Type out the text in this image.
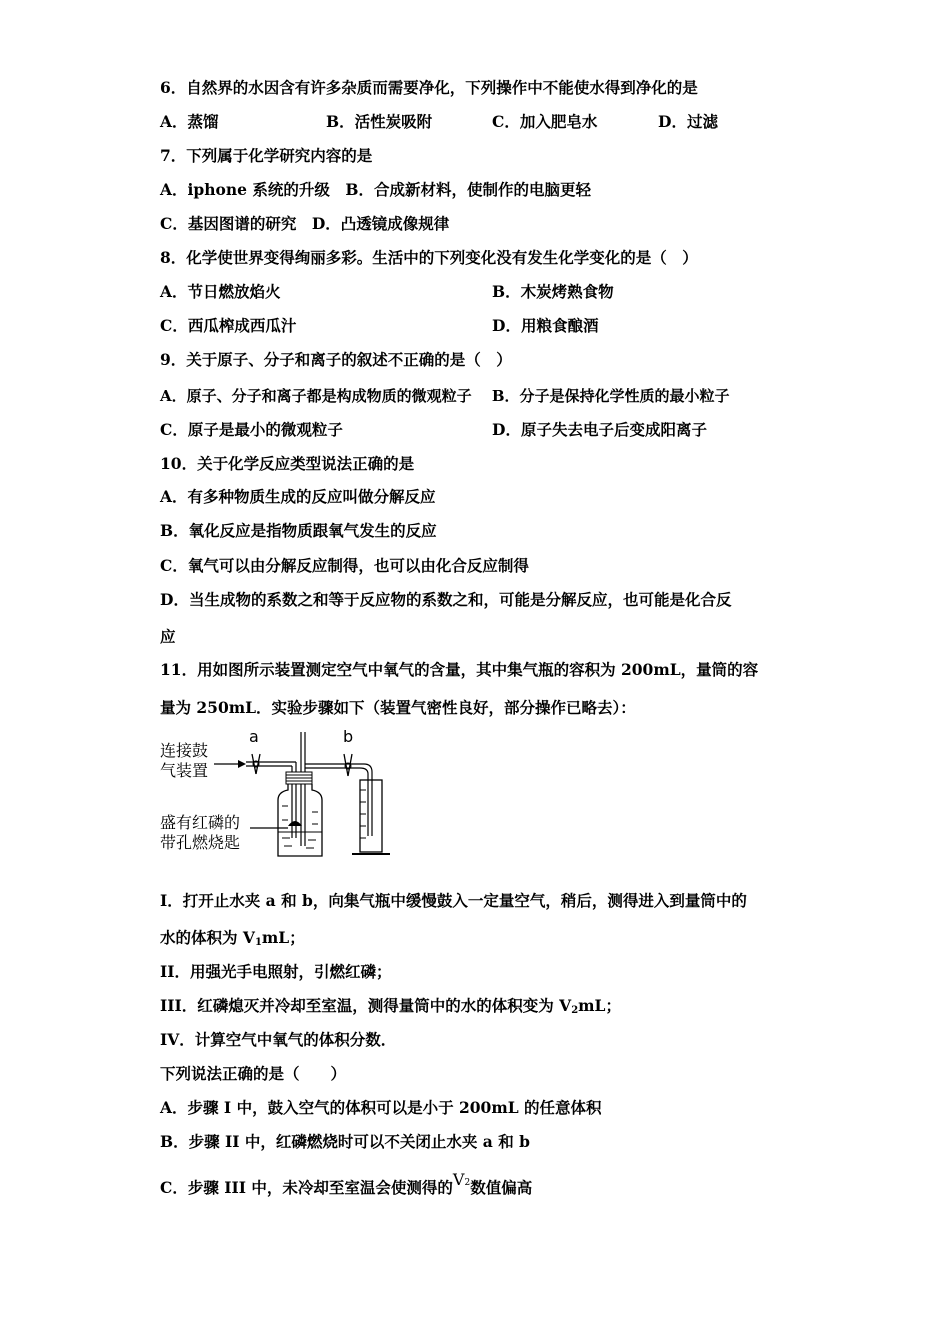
6．自然界的水因含有许多杂质而需要净化，下列操作中不能使水得到净化的是
A．蒸馏	B．活性炭吸附	C．加入肥皂水	D．过滤
7．下列属于化学研究内容的是
A．iphone 系统的升级　B．合成新材料，使制作的电脑更轻
C．基因图谱的研究　D．凸透镜成像规律
8．化学使世界变得绚丽多彩。生活中的下列变化没有发生化学变化的是（　）
A．节日燃放焰火	B．木炭烤熟食物
C．西瓜榨成西瓜汁	D．用粮食酿酒
9．关于原子、分子和离子的叙述不正确的是（　）
A．原子、分子和离子都是构成物质的微观粒子　 B．分子是保持化学性质的最小粒子
C．原子是最小的微观粒子	D．原子失去电子后变成阳离子
10．关于化学反应类型说法正确的是
A．有多种物质生成的反应叫做分解反应
B．氧化反应是指物质跟氧气发生的反应
C．氧气可以由分解反应制得，也可以由化合反应制得
D．当生成物的系数之和等于反应物的系数之和，可能是分解反应，也可能是化合反
应
11．用如图所示装置测定空气中氧气的含量，其中集气瓶的容积为 200mL，量筒的容
量为 250mL．实验步骤如下（装置气密性良好，部分操作已略去）：
a	b
连接鼓
气装置
盛有红磷的
带孔燃烧匙
I．打开止水夹 a 和 b，向集气瓶中缓慢鼓入一定量空气，稍后，测得进入到量筒中的
水的体积为 $V_1mL$；
II．用强光手电照射，引燃红磷；
III．红磷熄灭并冷却至室温，测得量筒中的水的体积变为 $V_2mL$；
IV．计算空气中氧气的体积分数．
下列说法正确的是（　　）
A．步骤 I 中，鼓入空气的体积可以是小于 200mL 的任意体积
B．步骤 II 中，红磷燃烧时可以不关闭止水夹 a 和 b
C．步骤 III 中，未冷却至室温会使测得的V2数值偏高
